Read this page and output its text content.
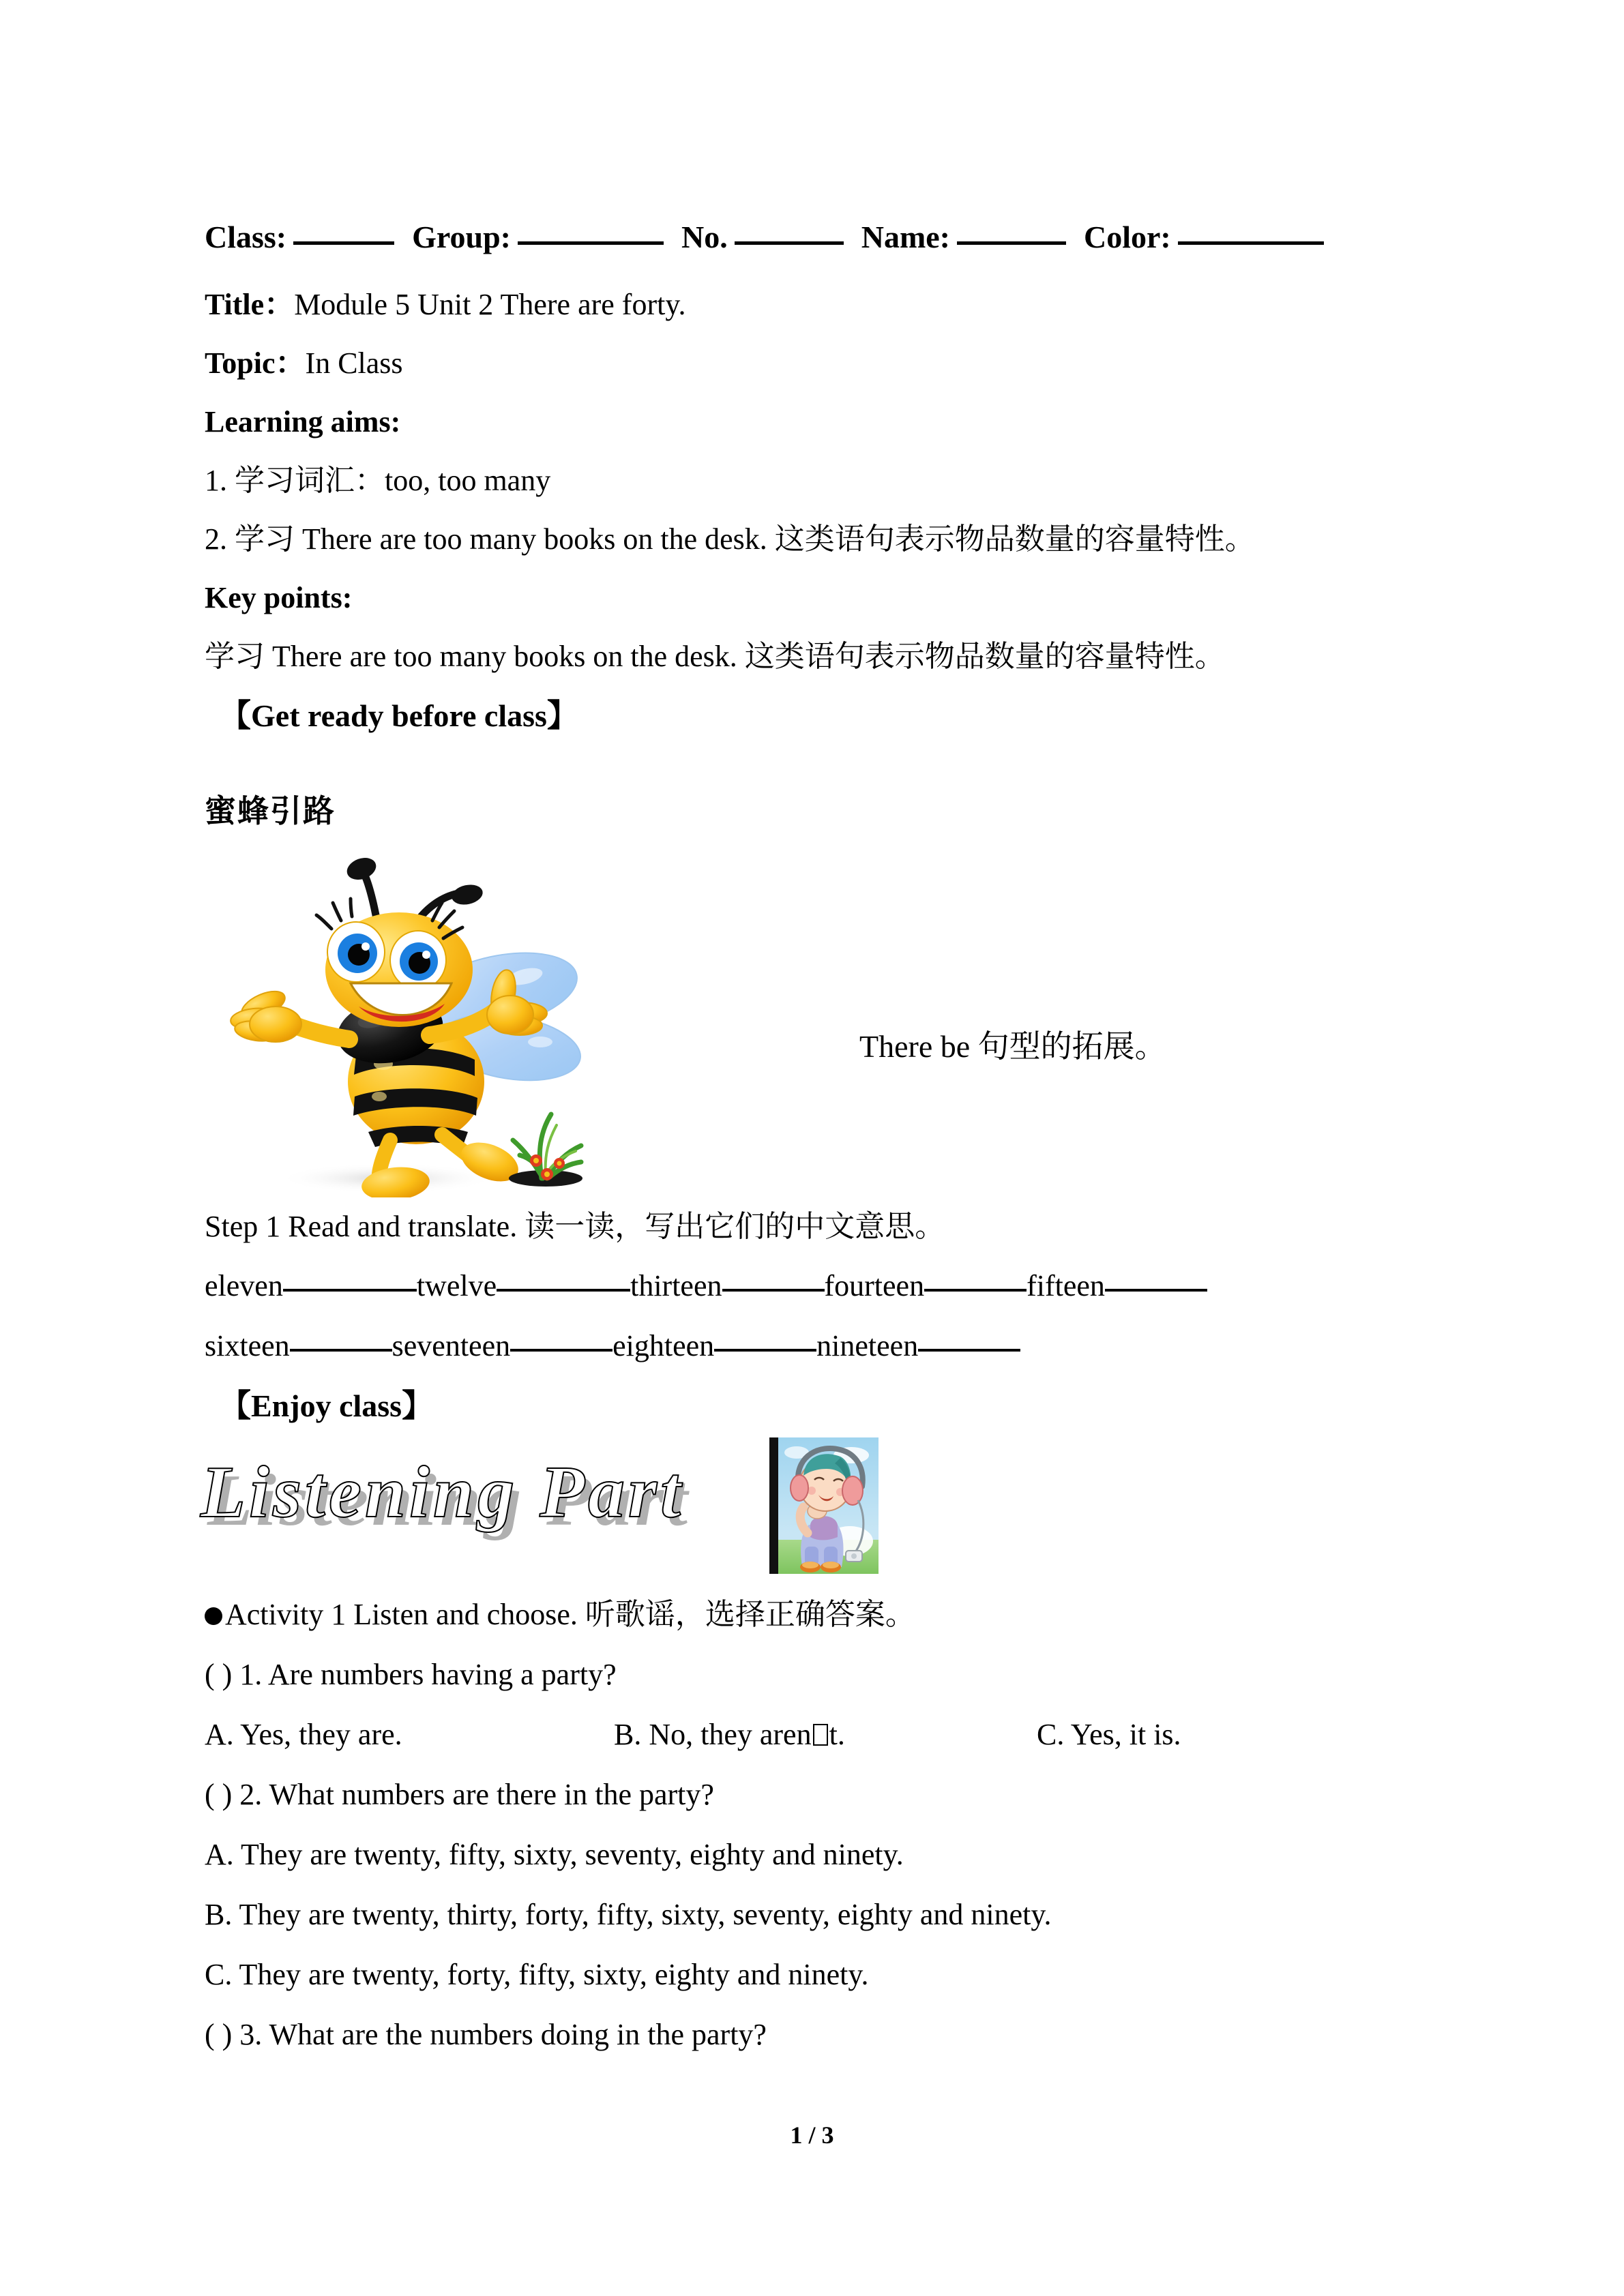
Class:	Group:	No.	Name:	Color:
Title：Module 5 Unit 2 There are forty.
Topic：In Class
Learning aims:
1. 学习词汇：too, too many
2. 学习 There are too many books on the desk. 这类语句表示物品数量的容量特性。
Key points:
学习 There are too many books on the desk. 这类语句表示物品数量的容量特性。
【Get ready before class】
蜜蜂引路
There be 句型的拓展。
Step 1 Read and translate. 读一读，写出它们的中文意思。
eleven	twelve	thirteen	fourteen	fifteen
sixteen	seventeen	eighteen	nineteen
【Enjoy class】
Listening Part
Activity 1 Listen and choose. 听歌谣，选择正确答案。
( ) 1. Are numbers having a party?
A. Yes, they are.	B. No, they aren t.	C. Yes, it is.
( ) 2. What numbers are there in the party?
A. They are twenty, fifty, sixty, seventy, eighty and ninety.
B. They are twenty, thirty, forty, fifty, sixty, seventy, eighty and ninety.
C. They are twenty, forty, fifty, sixty, eighty and ninety.
( ) 3. What are the numbers doing in the party?
1 / 3
